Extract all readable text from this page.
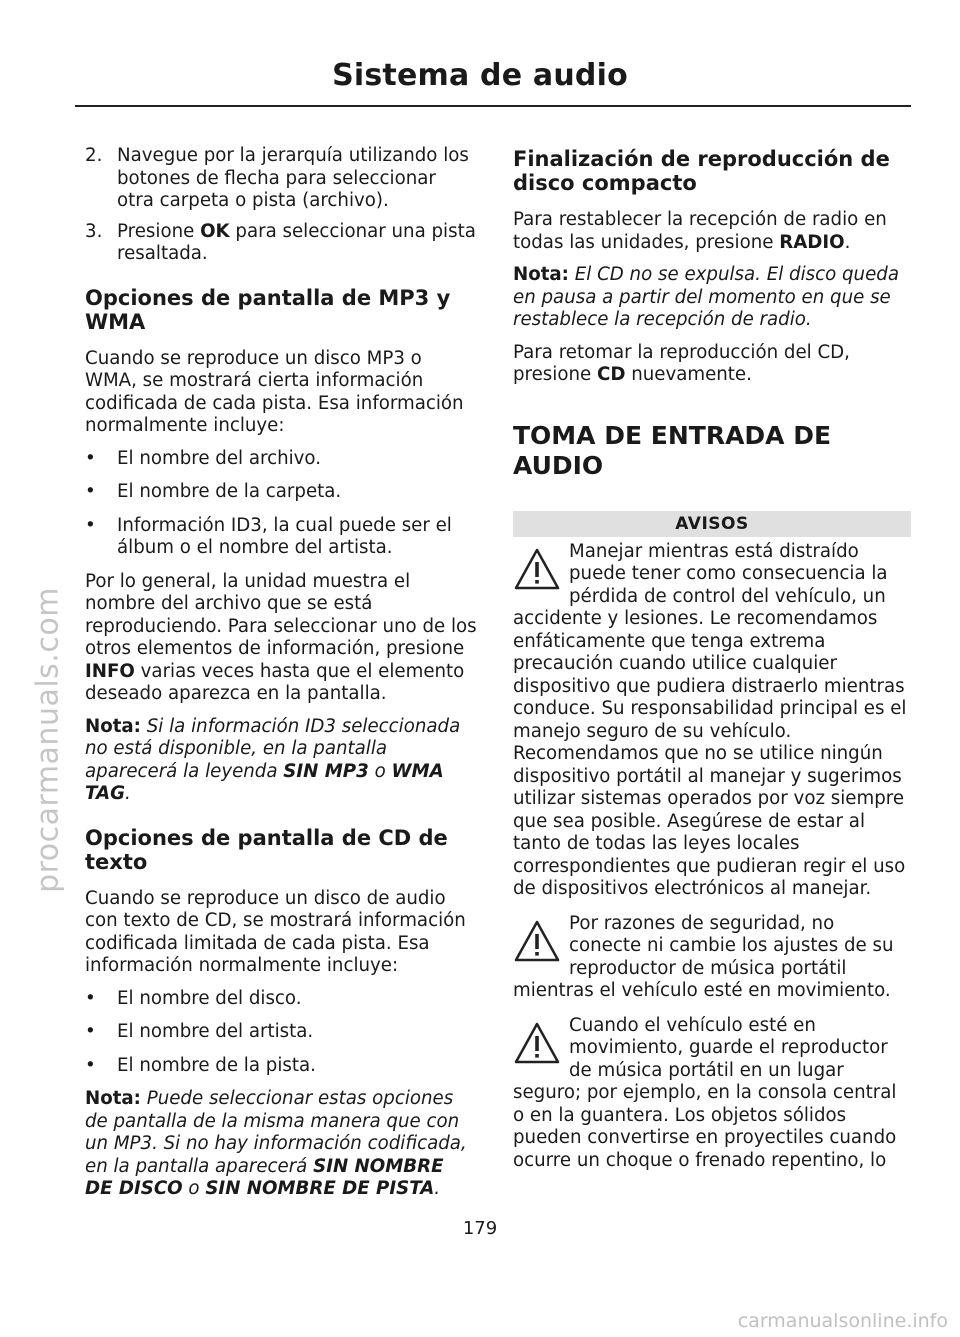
Sistema de audio
2. Navegue por la jerarquía utilizando los botones de flecha para seleccionar otra carpeta o pista (archivo).
3. Presione OK para seleccionar una pista resaltada.
Opciones de pantalla de MP3 y WMA

Cuando se reproduce un disco MP3 o WMA, se mostrará cierta información codificada de cada pista. Esa información normalmente incluye:

• El nombre del archivo.
• El nombre de la carpeta.
• Información ID3, la cual puede ser el álbum o el nombre del artista.

Por lo general, la unidad muestra el nombre del archivo que se está reproduciendo. Para seleccionar uno de los otros elementos de información, presione INFO varias veces hasta que el elemento deseado aparezca en la pantalla.

Nota: Si la información ID3 seleccionada no está disponible, en la pantalla aparecerá la leyenda SIN MP3 o WMA TAG.

Opciones de pantalla de CD de texto

Cuando se reproduce un disco de audio con texto de CD, se mostrará información codificada limitada de cada pista. Esa información normalmente incluye:

• El nombre del disco.
• El nombre del artista.
• El nombre de la pista.

Nota: Puede seleccionar estas opciones de pantalla de la misma manera que con un MP3. Si no hay información codificada, en la pantalla aparecerá SIN NOMBRE DE DISCO o SIN NOMBRE DE PISTA.

Finalización de reproducción de disco compacto

Para restablecer la recepción de radio en todas las unidades, presione RADIO.

Nota: El CD no se expulsa. El disco queda en pausa a partir del momento en que se restablece la recepción de radio.

Para retomar la reproducción del CD, presione CD nuevamente.

TOMA DE ENTRADA DE AUDIO
AVISOS
Manejar mientras está distraído puede tener como consecuencia la pérdida de control del vehículo, un accidente y lesiones. Le recomendamos enfáticamente que tenga extrema precaución cuando utilice cualquier dispositivo que pudiera distraerlo mientras conduce. Su responsabilidad principal es el manejo seguro de su vehículo. Recomendamos que no se utilice ningún dispositivo portátil al manejar y sugerimos utilizar sistemas operados por voz siempre que sea posible. Asegúrese de estar al tanto de todas las leyes locales correspondientes que pudieran regir el uso de dispositivos electrónicos al manejar.
Por razones de seguridad, no conecte ni cambie los ajustes de su reproductor de música portátil mientras el vehículo esté en movimiento.
Cuando el vehículo esté en movimiento, guarde el reproductor de música portátil en un lugar seguro; por ejemplo, en la consola central o en la guantera. Los objetos sólidos pueden convertirse en proyectiles cuando ocurre un choque o frenado repentino, lo
179
procarmanuals.com
carmanualsonline.info
